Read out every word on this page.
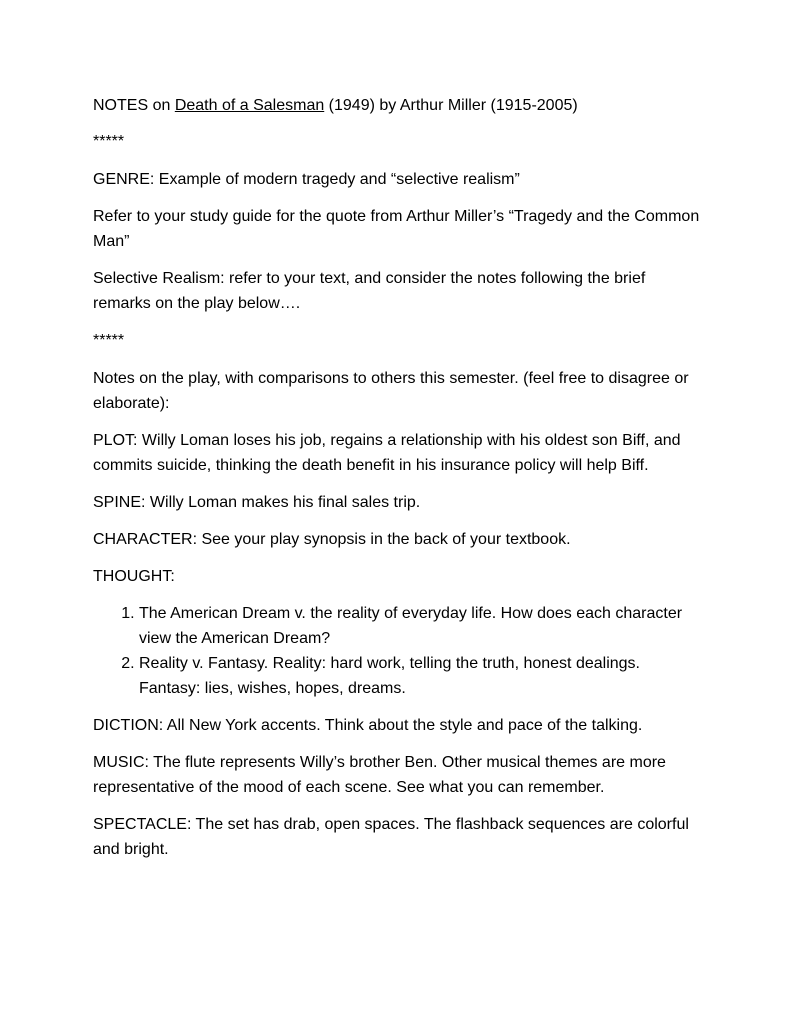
NOTES on Death of a Salesman (1949) by Arthur Miller (1915-2005)

*****

GENRE: Example of modern tragedy and “selective realism”

Refer to your study guide for the quote from Arthur Miller’s “Tragedy and the Common Man”

Selective Realism: refer to your text, and consider the notes following the brief remarks on the play below….

*****

Notes on the play, with comparisons to others this semester. (feel free to disagree or elaborate):

PLOT: Willy Loman loses his job, regains a relationship with his oldest son Biff, and commits suicide, thinking the death benefit in his insurance policy will help Biff.

SPINE: Willy Loman makes his final sales trip.

CHARACTER: See your play synopsis in the back of your textbook.

THOUGHT:

1. The American Dream v. the reality of everyday life. How does each character view the American Dream?
2. Reality v. Fantasy. Reality: hard work, telling the truth, honest dealings. Fantasy: lies, wishes, hopes, dreams.

DICTION: All New York accents. Think about the style and pace of the talking.

MUSIC: The flute represents Willy’s brother Ben. Other musical themes are more representative of the mood of each scene. See what you can remember.

SPECTACLE: The set has drab, open spaces. The flashback sequences are colorful and bright.
